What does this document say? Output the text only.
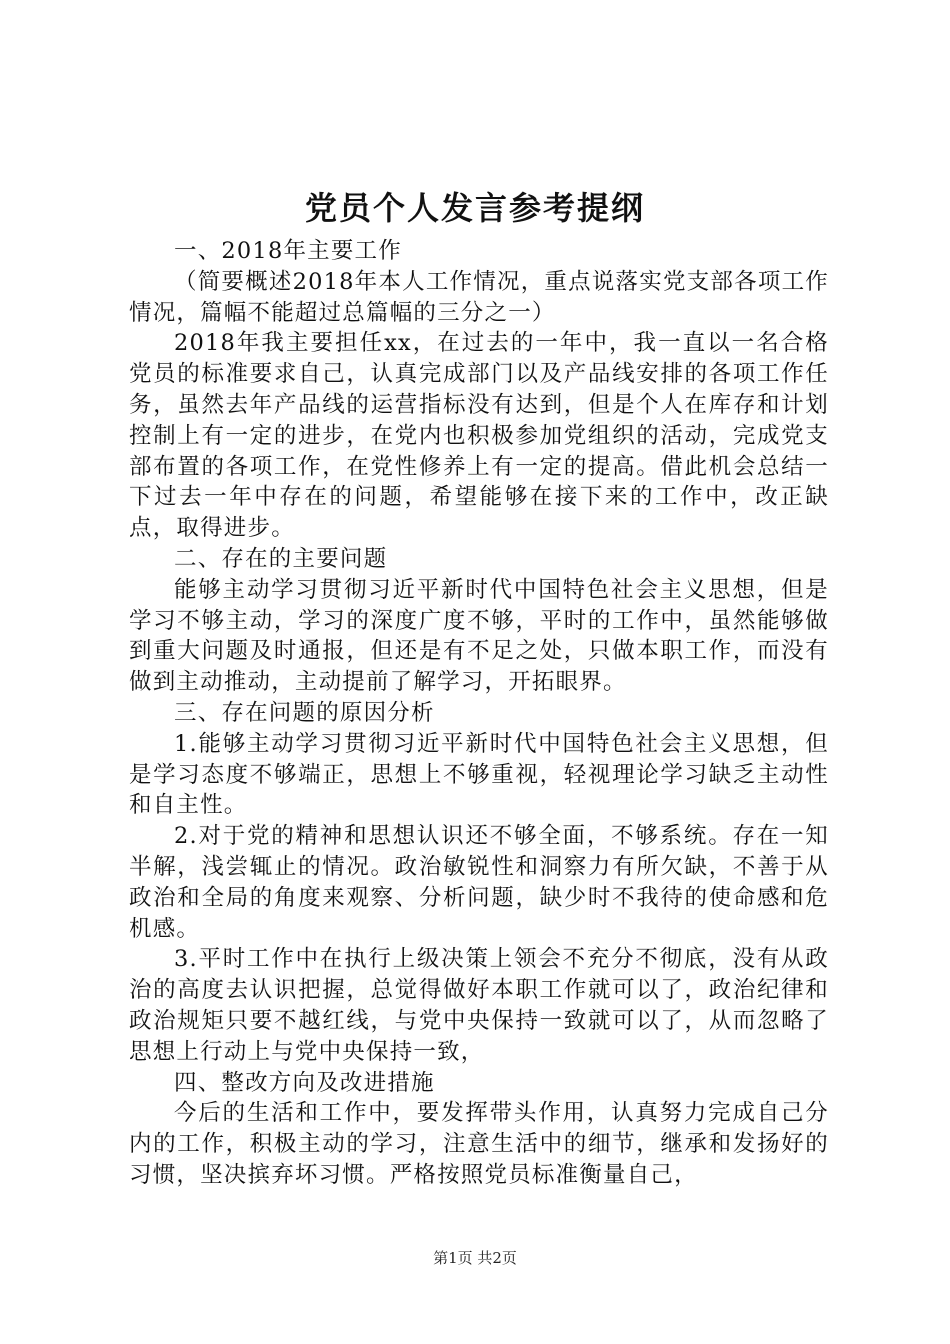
党员个人发言参考提纲

一、2018年主要工作

（简要概述2018年本人工作情况，重点说落实党支部各项工作情况，篇幅不能超过总篇幅的三分之一）

2018年我主要担任xx，在过去的一年中，我一直以一名合格党员的标准要求自己，认真完成部门以及产品线安排的各项工作任务，虽然去年产品线的运营指标没有达到，但是个人在库存和计划控制上有一定的进步，在党内也积极参加党组织的活动，完成党支部布置的各项工作，在党性修养上有一定的提高。借此机会总结一下过去一年中存在的问题，希望能够在接下来的工作中，改正缺点，取得进步。

二、存在的主要问题

能够主动学习贯彻习近平新时代中国特色社会主义思想，但是学习不够主动，学习的深度广度不够，平时的工作中，虽然能够做到重大问题及时通报，但还是有不足之处，只做本职工作，而没有做到主动推动，主动提前了解学习，开拓眼界。

三、存在问题的原因分析

1.能够主动学习贯彻习近平新时代中国特色社会主义思想，但是学习态度不够端正，思想上不够重视，轻视理论学习缺乏主动性和自主性。

2.对于党的精神和思想认识还不够全面，不够系统。存在一知半解，浅尝辄止的情况。政治敏锐性和洞察力有所欠缺，不善于从政治和全局的角度来观察、分析问题，缺少时不我待的使命感和危机感。

3.平时工作中在执行上级决策上领会不充分不彻底，没有从政治的高度去认识把握，总觉得做好本职工作就可以了，政治纪律和政治规矩只要不越红线，与党中央保持一致就可以了，从而忽略了思想上行动上与党中央保持一致，

四、整改方向及改进措施

今后的生活和工作中，要发挥带头作用，认真努力完成自己分内的工作，积极主动的学习，注意生活中的细节，继承和发扬好的习惯，坚决摈弃坏习惯。严格按照党员标准衡量自己，

第1页 共2页
